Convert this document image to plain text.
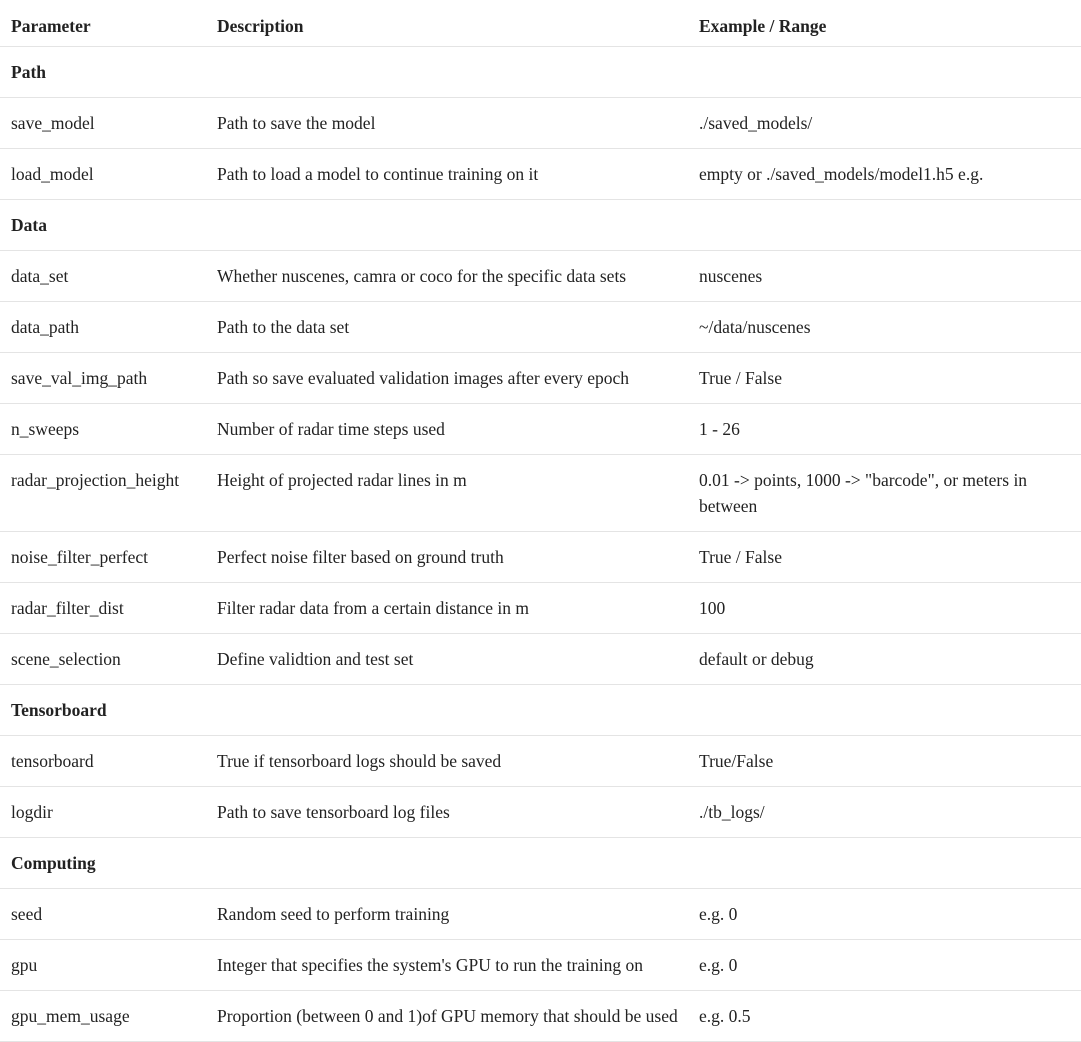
Parameter	Description	Example / Range
Path		
save_model	Path to save the model	./saved_models/
load_model	Path to load a model to continue training on it	empty or ./saved_models/model1.h5 e.g.
Data		
data_set	Whether nuscenes, camra or coco for the specific data sets	nuscenes
data_path	Path to the data set	~/data/nuscenes
save_val_img_path	Path so save evaluated validation images after every epoch	True / False
n_sweeps	Number of radar time steps used	1 - 26
radar_projection_height	Height of projected radar lines in m	0.01 -> points, 1000 -> "barcode", or meters in between
noise_filter_perfect	Perfect noise filter based on ground truth	True / False
radar_filter_dist	Filter radar data from a certain distance in m	100
scene_selection	Define validtion and test set	default or debug
Tensorboard		
tensorboard	True if tensorboard logs should be saved	True/False
logdir	Path to save tensorboard log files	./tb_logs/
Computing		
seed	Random seed to perform training	e.g. 0
gpu	Integer that specifies the system's GPU to run the training on	e.g. 0
gpu_mem_usage	Proportion (between 0 and 1)of GPU memory that should be used	e.g. 0.5
